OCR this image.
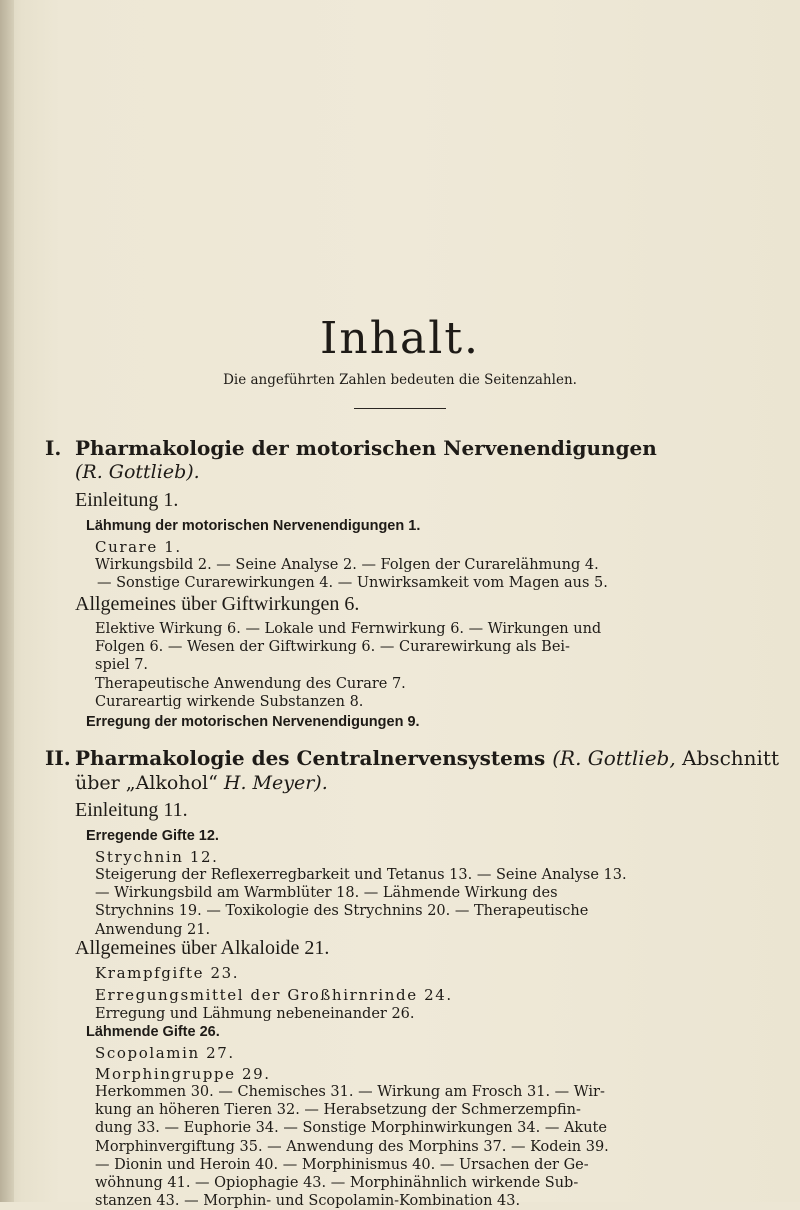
Inhalt.
Die angeführten Zahlen bedeuten die Seitenzahlen.
I. Pharmakologie der motorischen Nervenendigungen
(R. Gottlieb).
Einleitung 1.
Lähmung der motorischen Nervenendigungen 1.
Curare 1.
Wirkungsbild 2. — Seine Analyse 2. — Folgen der Curarelähmung 4.
— Sonstige Curarewirkungen 4. — Unwirksamkeit vom Magen aus 5.
Allgemeines über Giftwirkungen 6.
Elektive Wirkung 6. — Lokale und Fernwirkung 6. — Wirkungen und
Folgen 6. — Wesen der Giftwirkung 6. — Curarewirkung als Bei-
spiel 7.
Therapeutische Anwendung des Curare 7.
Curareartig wirkende Substanzen 8.
Erregung der motorischen Nervenendigungen 9.
II. Pharmakologie des Centralnervensystems (R. Gottlieb, Abschnitt
über „Alkohol“ H. Meyer).
Einleitung 11.
Erregende Gifte 12.
Strychnin 12.
Steigerung der Reflexerregbarkeit und Tetanus 13. — Seine Analyse 13.
— Wirkungsbild am Warmblüter 18. — Lähmende Wirkung des
Strychnins 19. — Toxikologie des Strychnins 20. — Therapeutische
Anwendung 21.
Allgemeines über Alkaloide 21.
Krampfgifte 23.
Erregungsmittel der Großhirnrinde 24.
Erregung und Lähmung nebeneinander 26.
Lähmende Gifte 26.
Scopolamin 27.
Morphingruppe 29.
Herkommen 30. — Chemisches 31. — Wirkung am Frosch 31. — Wir-
kung an höheren Tieren 32. — Herabsetzung der Schmerzempfin-
dung 33. — Euphorie 34. — Sonstige Morphinwirkungen 34. — Akute
Morphinvergiftung 35. — Anwendung des Morphins 37. — Kodein 39.
— Dionin und Heroin 40. — Morphinismus 40. — Ursachen der Ge-
wöhnung 41. — Opiophagie 43. — Morphinähnlich wirkende Sub-
stanzen 43. — Morphin- und Scopolamin-Kombination 43.
